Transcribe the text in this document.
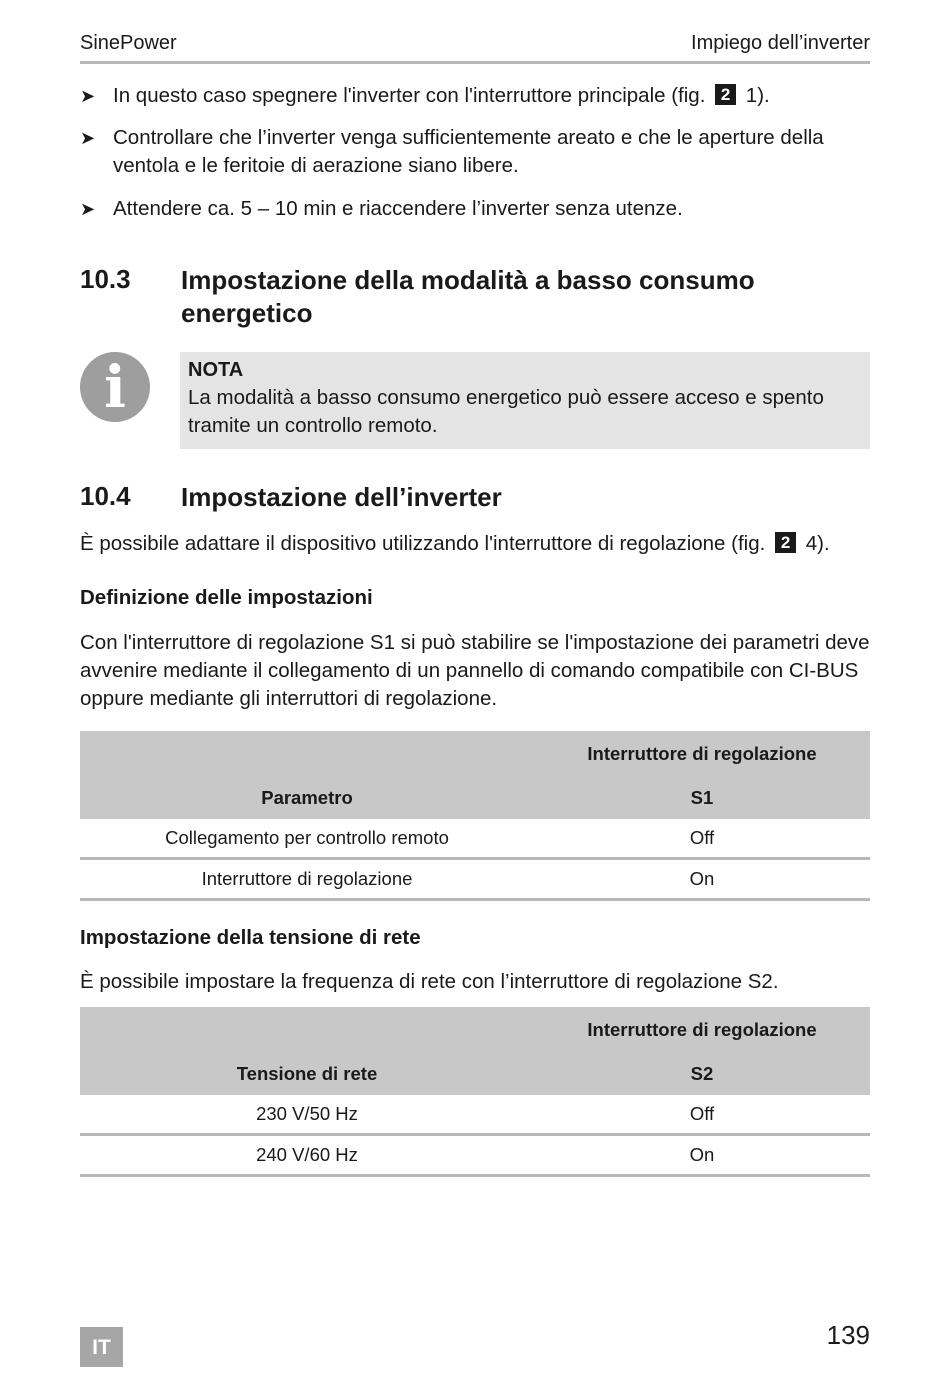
SinePower	Impiego dell’inverter
➤ In questo caso spegnere l'inverter con l'interruttore principale (fig. 2 1).
➤ Controllare che l’inverter venga sufficientemente areato e che le aperture della ventola e le feritoie di aerazione siano libere.
➤ Attendere ca. 5 – 10 min e riaccendere l’inverter senza utenze.
10.3 Impostazione della modalità a basso consumo energetico
i	NOTA
La modalità a basso consumo energetico può essere acceso e spento tramite un controllo remoto.
10.4 Impostazione dell’inverter
È possibile adattare il dispositivo utilizzando l'interruttore di regolazione (fig. 2 4).
Definizione delle impostazioni
Con l'interruttore di regolazione S1 si può stabilire se l'impostazione dei parametri deve avvenire mediante il collegamento di un pannello di comando compatibile con CI-BUS oppure mediante gli interruttori di regolazione.
	Interruttore di regolazione
Parametro	S1
Collegamento per controllo remoto	Off
Interruttore di regolazione	On
Impostazione della tensione di rete
È possibile impostare la frequenza di rete con l’interruttore di regolazione S2.
	Interruttore di regolazione
Tensione di rete	S2
230 V/50 Hz	Off
240 V/60 Hz	On
IT	139
